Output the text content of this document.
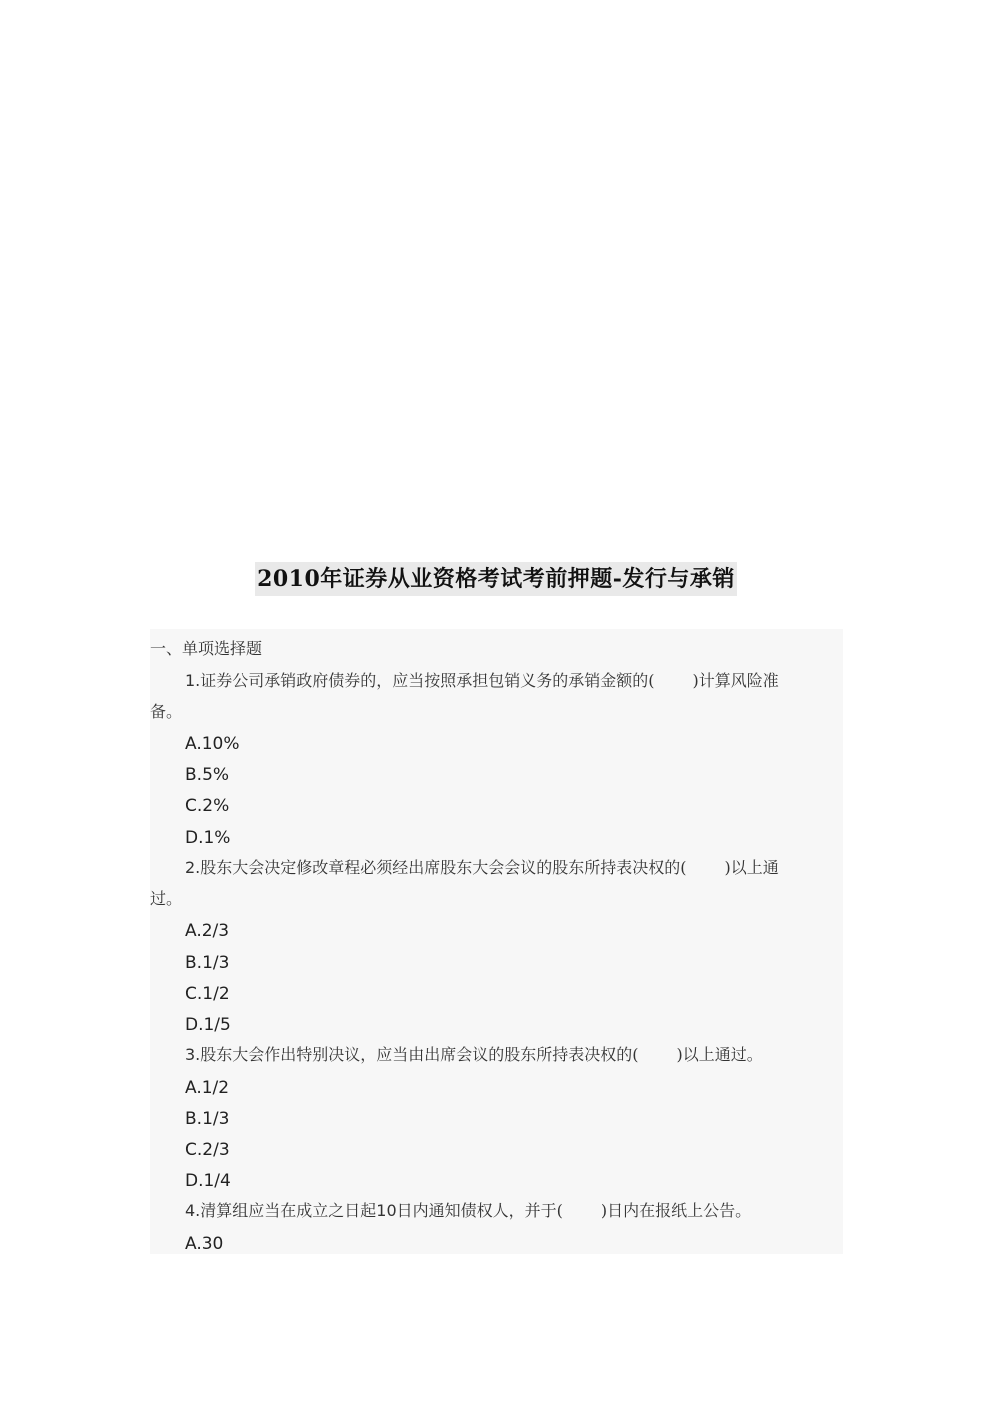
2010年证券从业资格考试考前押题-发行与承销
一、单项选择题
1.证券公司承销政府债券的，应当按照承担包销义务的承销金额的( )计算风险准
备。
A.10%
B.5%
C.2%
D.1%
2.股东大会决定修改章程必须经出席股东大会会议的股东所持表决权的( )以上通
过。
A.2/3
B.1/3
C.1/2
D.1/5
3.股东大会作出特别决议，应当由出席会议的股东所持表决权的( )以上通过。
A.1/2
B.1/3
C.2/3
D.1/4
4.清算组应当在成立之日起10日内通知债权人，并于( )日内在报纸上公告。
A.30
